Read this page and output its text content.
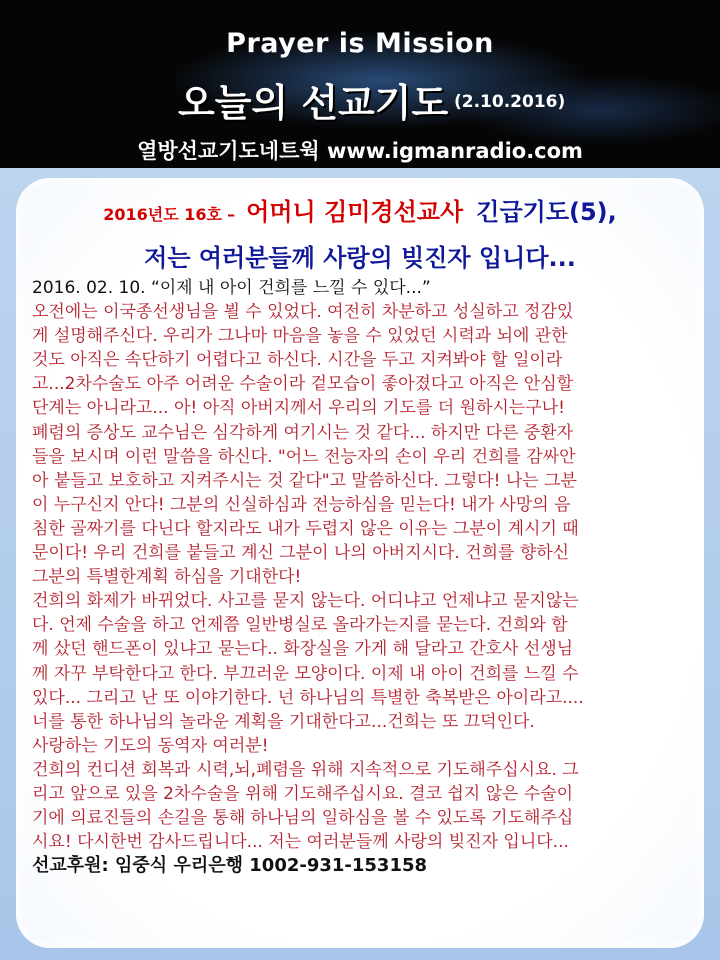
Prayer is Mission
오늘의 선교기도 (2.10.2016)
열방선교기도네트웍 www.igmanradio.com
2016년도 16호 – 어머니 김미경선교사 긴급기도(5),
저는 여러분들께 사랑의 빚진자 입니다...
2016. 02. 10. “이제 내 아이 건희를 느낄 수 있다...”
오전에는 이국종선생님을 뵐 수 있었다. 여전히 차분하고 성실하고 정감있
게 설명해주신다. 우리가 그나마 마음을 놓을 수 있었던 시력과 뇌에 관한
것도 아직은 속단하기 어렵다고 하신다. 시간을 두고 지켜봐야 할 일이라
고...2차수술도 아주 어려운 수술이라 겉모습이 좋아졌다고 아직은 안심할
단계는 아니라고... 아! 아직 아버지께서 우리의 기도를 더 원하시는구나!
폐렴의 증상도 교수님은 심각하게 여기시는 것 같다... 하지만 다른 중환자
들을 보시며 이런 말씀을 하신다. "어느 전능자의 손이 우리 건희를 감싸안
아 붙들고 보호하고 지켜주시는 것 같다"고 말씀하신다. 그렇다! 나는 그분
이 누구신지 안다! 그분의 신실하심과 전능하심을 믿는다! 내가 사망의 음
침한 골짜기를 다닌다 할지라도 내가 두렵지 않은 이유는 그분이 계시기 때
문이다! 우리 건희를 붙들고 계신 그분이 나의 아버지시다. 건희를 향하신
그분의 특별한계획 하심을 기대한다!
건희의 화제가 바뀌었다. 사고를 묻지 않는다. 어디냐고 언제냐고 묻지않는
다. 언제 수술을 하고 언제쯤 일반병실로 올라가는지를 묻는다. 건희와 함
께 샀던 핸드폰이 있냐고 묻는다.. 화장실을 가게 해 달라고 간호사 선생님
께 자꾸 부탁한다고 한다. 부끄러운 모양이다. 이제 내 아이 건희를 느낄 수
있다... 그리고 난 또 이야기한다. 넌 하나님의 특별한 축복받은 아이라고....
너를 통한 하나님의 놀라운 계획을 기대한다고...건희는 또 끄덕인다.
사랑하는 기도의 동역자 여러분!
건희의 컨디션 회복과 시력,뇌,폐렴을 위해 지속적으로 기도해주십시요. 그
리고 앞으로 있을 2차수술을 위해 기도해주십시요. 결코 쉽지 않은 수술이
기에 의료진들의 손길을 통해 하나님의 일하심을 볼 수 있도록 기도해주십
시요! 다시한번 감사드립니다... 저는 여러분들께 사랑의 빚진자 입니다...
선교후원: 임중식 우리은행 1002-931-153158
